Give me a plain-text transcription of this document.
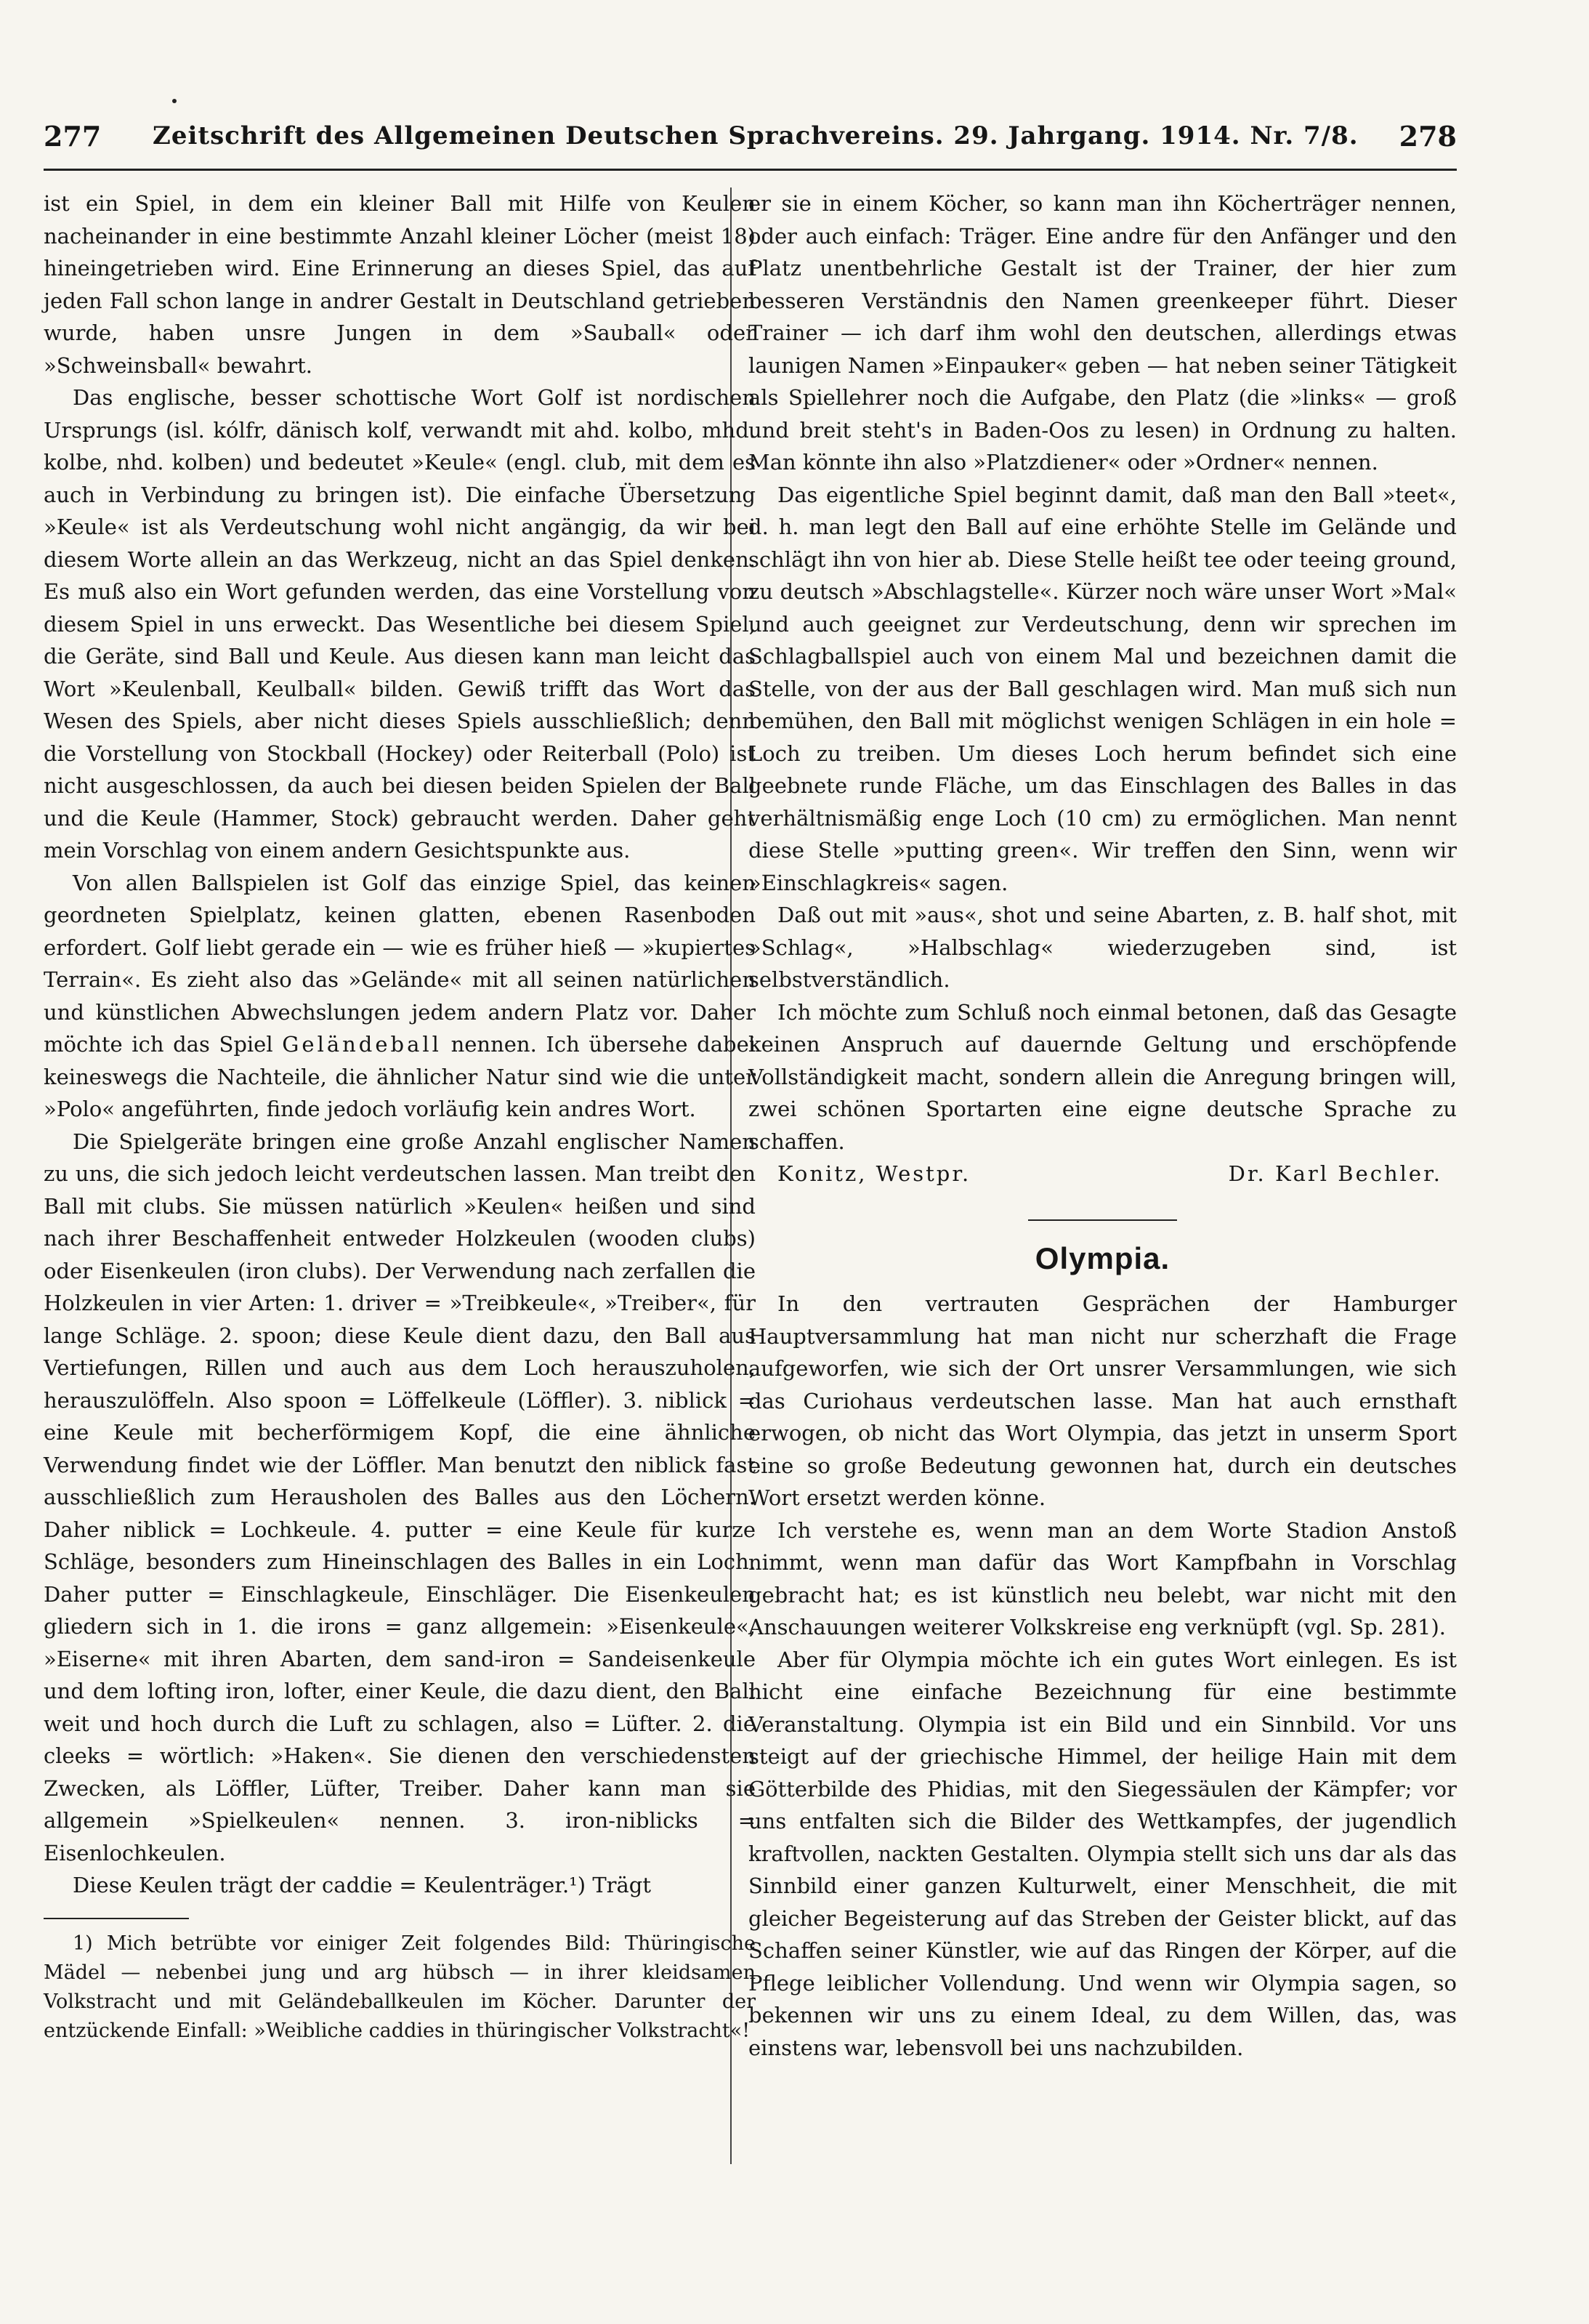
277 Zeitschrift des Allgemeinen Deutschen Sprachvereins. 29. Jahrgang. 1914. Nr. 7/8. 278

ist ein Spiel, in dem ein kleiner Ball mit Hilfe von Keulen nacheinander in eine bestimmte Anzahl kleiner Löcher (meist 18) hineingetrieben wird. Eine Erinnerung an dieses Spiel, das auf jeden Fall schon lange in andrer Gestalt in Deutschland getrieben wurde, haben unsre Jungen in dem »Sauball« oder »Schweinsball« bewahrt.

Das englische, besser schottische Wort Golf ist nordischen Ursprungs (isl. kólfr, dänisch kolf, verwandt mit ahd. kolbo, mhd. kolbe, nhd. kolben) und bedeutet »Keule« (engl. club, mit dem es auch in Verbindung zu bringen ist). Die einfache Übersetzung »Keule« ist als Verdeutschung wohl nicht angängig, da wir bei diesem Worte allein an das Werkzeug, nicht an das Spiel denken. Es muß also ein Wort gefunden werden, das eine Vorstellung von diesem Spiel in uns erweckt. Das Wesentliche bei diesem Spiel, die Geräte, sind Ball und Keule. Aus diesen kann man leicht das Wort »Keulenball, Keulball« bilden. Gewiß trifft das Wort das Wesen des Spiels, aber nicht dieses Spiels ausschließlich; denn die Vorstellung von Stockball (Hockey) oder Reiterball (Polo) ist nicht ausgeschlossen, da auch bei diesen beiden Spielen der Ball und die Keule (Hammer, Stock) gebraucht werden. Daher geht mein Vorschlag von einem andern Gesichtspunkte aus.

Von allen Ballspielen ist Golf das einzige Spiel, das keinen geordneten Spielplatz, keinen glatten, ebenen Rasenboden erfordert. Golf liebt gerade ein — wie es früher hieß — »kupiertes Terrain«. Es zieht also das »Gelände« mit all seinen natürlichen und künstlichen Abwechslungen jedem andern Platz vor. Daher möchte ich das Spiel Geländeball nennen. Ich übersehe dabei keineswegs die Nachteile, die ähnlicher Natur sind wie die unter »Polo« angeführten, finde jedoch vorläufig kein andres Wort.

Die Spielgeräte bringen eine große Anzahl englischer Namen zu uns, die sich jedoch leicht verdeutschen lassen. Man treibt den Ball mit clubs. Sie müssen natürlich »Keulen« heißen und sind nach ihrer Beschaffenheit entweder Holzkeulen (wooden clubs) oder Eisenkeulen (iron clubs). Der Verwendung nach zerfallen die Holzkeulen in vier Arten: 1. driver = »Treibkeule«, »Treiber«, für lange Schläge. 2. spoon; diese Keule dient dazu, den Ball aus Vertiefungen, Rillen und auch aus dem Loch herauszuholen, herauszulöffeln. Also spoon = Löffelkeule (Löffler). 3. niblick = eine Keule mit becherförmigem Kopf, die eine ähnliche Verwendung findet wie der Löffler. Man benutzt den niblick fast ausschließlich zum Herausholen des Balles aus den Löchern. Daher niblick = Lochkeule. 4. putter = eine Keule für kurze Schläge, besonders zum Hineinschlagen des Balles in ein Loch. Daher putter = Einschlagkeule, Einschläger. Die Eisenkeulen gliedern sich in 1. die irons = ganz allgemein: »Eisenkeule«, »Eiserne« mit ihren Abarten, dem sand-iron = Sandeisenkeule und dem lofting iron, lofter, einer Keule, die dazu dient, den Ball weit und hoch durch die Luft zu schlagen, also = Lüfter. 2. die cleeks = wörtlich: »Haken«. Sie dienen den verschiedensten Zwecken, als Löffler, Lüfter, Treiber. Daher kann man sie allgemein »Spielkeulen« nennen. 3. iron-niblicks = Eisenlochkeulen.

Diese Keulen trägt der caddie = Keulenträger.¹) Trägt

1) Mich betrübte vor einiger Zeit folgendes Bild: Thüringische Mädel — nebenbei jung und arg hübsch — in ihrer kleidsamen Volkstracht und mit Geländeballkeulen im Köcher. Darunter der entzückende Einfall: »Weibliche caddies in thüringischer Volkstracht«!

er sie in einem Köcher, so kann man ihn Köcherträger nennen, oder auch einfach: Träger. Eine andre für den Anfänger und den Platz unentbehrliche Gestalt ist der Trainer, der hier zum besseren Verständnis den Namen greenkeeper führt. Dieser Trainer — ich darf ihm wohl den deutschen, allerdings etwas launigen Namen »Einpauker« geben — hat neben seiner Tätigkeit als Spiellehrer noch die Aufgabe, den Platz (die »links« — groß und breit steht's in Baden-Oos zu lesen) in Ordnung zu halten. Man könnte ihn also »Platzdiener« oder »Ordner« nennen.

Das eigentliche Spiel beginnt damit, daß man den Ball »teet«, d. h. man legt den Ball auf eine erhöhte Stelle im Gelände und schlägt ihn von hier ab. Diese Stelle heißt tee oder teeing ground, zu deutsch »Abschlagstelle«. Kürzer noch wäre unser Wort »Mal« und auch geeignet zur Verdeutschung, denn wir sprechen im Schlagballspiel auch von einem Mal und bezeichnen damit die Stelle, von der aus der Ball geschlagen wird. Man muß sich nun bemühen, den Ball mit möglichst wenigen Schlägen in ein hole = Loch zu treiben. Um dieses Loch herum befindet sich eine geebnete runde Fläche, um das Einschlagen des Balles in das verhältnismäßig enge Loch (10 cm) zu ermöglichen. Man nennt diese Stelle »putting green«. Wir treffen den Sinn, wenn wir »Einschlagkreis« sagen.

Daß out mit »aus«, shot und seine Abarten, z. B. half shot, mit »Schlag«, »Halbschlag« wiederzugeben sind, ist selbstverständlich.

Ich möchte zum Schluß noch einmal betonen, daß das Gesagte keinen Anspruch auf dauernde Geltung und erschöpfende Vollständigkeit macht, sondern allein die Anregung bringen will, zwei schönen Sportarten eine eigne deutsche Sprache zu schaffen.

Konitz, Westpr.	Dr. Karl Bechler.
Olympia.

In den vertrauten Gesprächen der Hamburger Hauptversammlung hat man nicht nur scherzhaft die Frage aufgeworfen, wie sich der Ort unsrer Versammlungen, wie sich das Curiohaus verdeutschen lasse. Man hat auch ernsthaft erwogen, ob nicht das Wort Olympia, das jetzt in unserm Sport eine so große Bedeutung gewonnen hat, durch ein deutsches Wort ersetzt werden könne.

Ich verstehe es, wenn man an dem Worte Stadion Anstoß nimmt, wenn man dafür das Wort Kampfbahn in Vorschlag gebracht hat; es ist künstlich neu belebt, war nicht mit den Anschauungen weiterer Volkskreise eng verknüpft (vgl. Sp. 281).

Aber für Olympia möchte ich ein gutes Wort einlegen. Es ist nicht eine einfache Bezeichnung für eine bestimmte Veranstaltung. Olympia ist ein Bild und ein Sinnbild. Vor uns steigt auf der griechische Himmel, der heilige Hain mit dem Götterbilde des Phidias, mit den Siegessäulen der Kämpfer; vor uns entfalten sich die Bilder des Wettkampfes, der jugendlich kraftvollen, nackten Gestalten. Olympia stellt sich uns dar als das Sinnbild einer ganzen Kulturwelt, einer Menschheit, die mit gleicher Begeisterung auf das Streben der Geister blickt, auf das Schaffen seiner Künstler, wie auf das Ringen der Körper, auf die Pflege leiblicher Vollendung. Und wenn wir Olympia sagen, so bekennen wir uns zu einem Ideal, zu dem Willen, das, was einstens war, lebensvoll bei uns nachzubilden.
